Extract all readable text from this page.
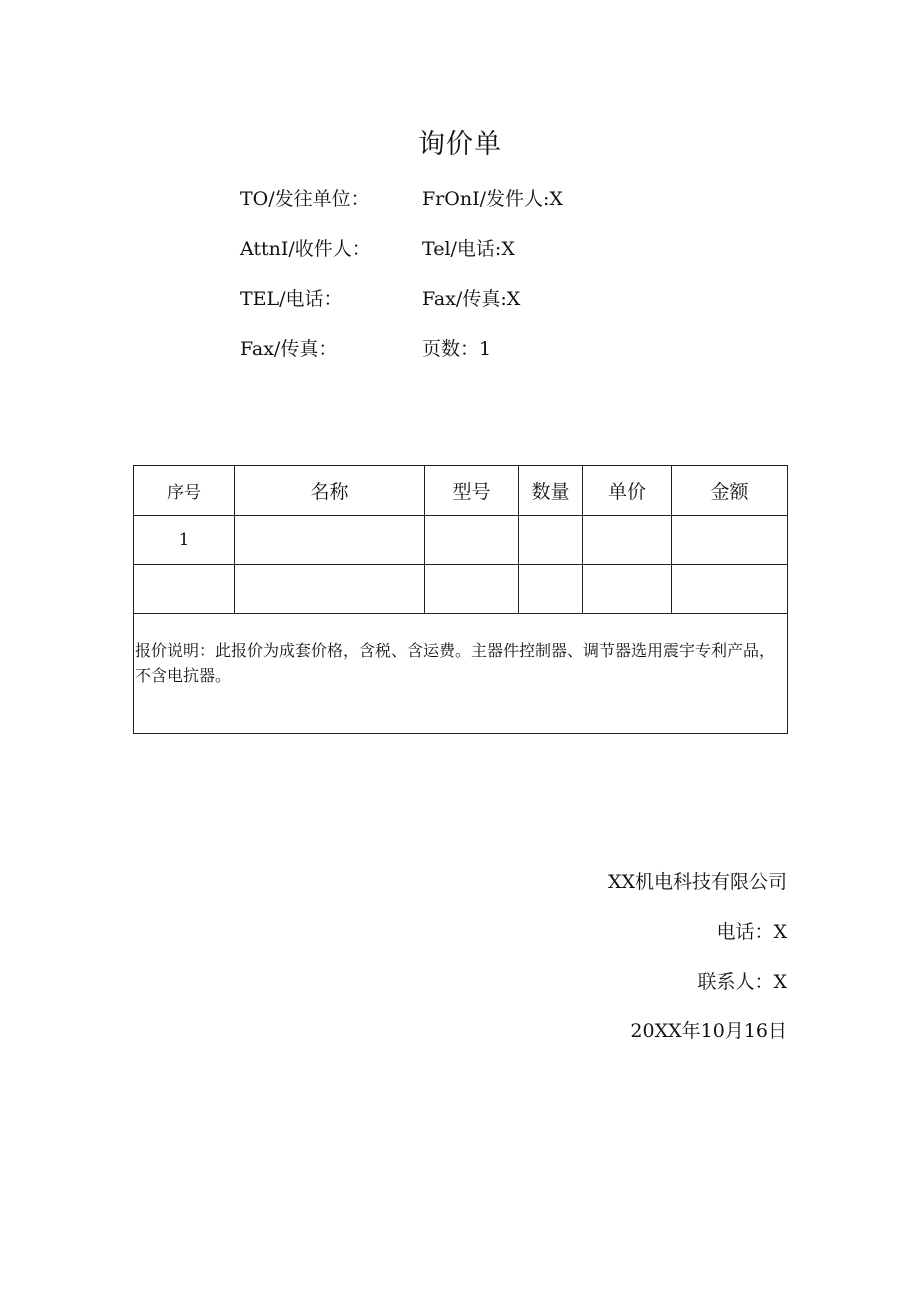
询价单
TO/发往单位：	FrOnI/发件人:X
AttnI/收件人：	Tel/电话:X
TEL/电话：	Fax/传真:X
Fax/传真：	页数：1
序号	名称	型号	数量	单价	金额
1					

报价说明：此报价为成套价格，含税、含运费。主器件控制器、调节器选用震宇专利产品，不含电抗器。					
XX机电科技有限公司
电话：X
联系人：X
20XX年10月16日
